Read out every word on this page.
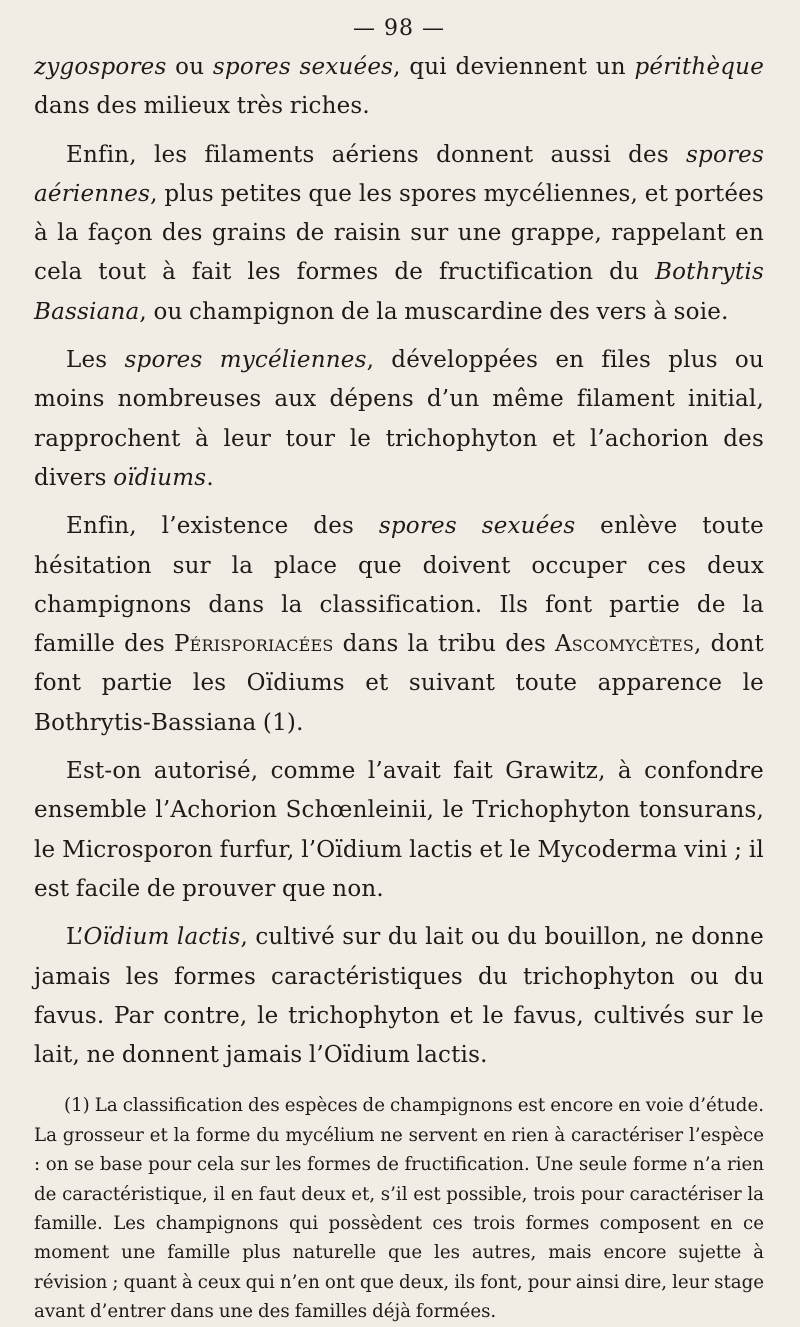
— 98 —

zygospores ou spores sexuées, qui deviennent un périthèque dans des milieux très riches.

Enfin, les filaments aériens donnent aussi des spores aériennes, plus petites que les spores mycéliennes, et portées à la façon des grains de raisin sur une grappe, rappelant en cela tout à fait les formes de fructification du Bothrytis Bassiana, ou champignon de la muscardine des vers à soie.

Les spores mycéliennes, développées en files plus ou moins nombreuses aux dépens d’un même filament initial, rapprochent à leur tour le trichophyton et l’achorion des divers oïdiums.

Enfin, l’existence des spores sexuées enlève toute hésitation sur la place que doivent occuper ces deux champignons dans la classification. Ils font partie de la famille des Périsporiacées dans la tribu des Ascomycètes, dont font partie les Oïdiums et suivant toute apparence le Bothrytis-Bassiana (1).

Est-on autorisé, comme l’avait fait Grawitz, à confondre ensemble l’Achorion Schœnleinii, le Trichophyton tonsurans, le Microsporon furfur, l’Oïdium lactis et le Mycoderma vini ; il est facile de prouver que non.

L’Oïdium lactis, cultivé sur du lait ou du bouillon, ne donne jamais les formes caractéristiques du trichophyton ou du favus. Par contre, le trichophyton et le favus, cultivés sur le lait, ne donnent jamais l’Oïdium lactis.

(1) La classification des espèces de champignons est encore en voie d’étude. La grosseur et la forme du mycélium ne servent en rien à caractériser l’espèce : on se base pour cela sur les formes de fructification. Une seule forme n’a rien de caractéristique, il en faut deux et, s’il est possible, trois pour caractériser la famille. Les champignons qui possèdent ces trois formes composent en ce moment une famille plus naturelle que les autres, mais encore sujette à révision ; quant à ceux qui n’en ont que deux, ils font, pour ainsi dire, leur stage avant d’entrer dans une des familles déjà formées.
